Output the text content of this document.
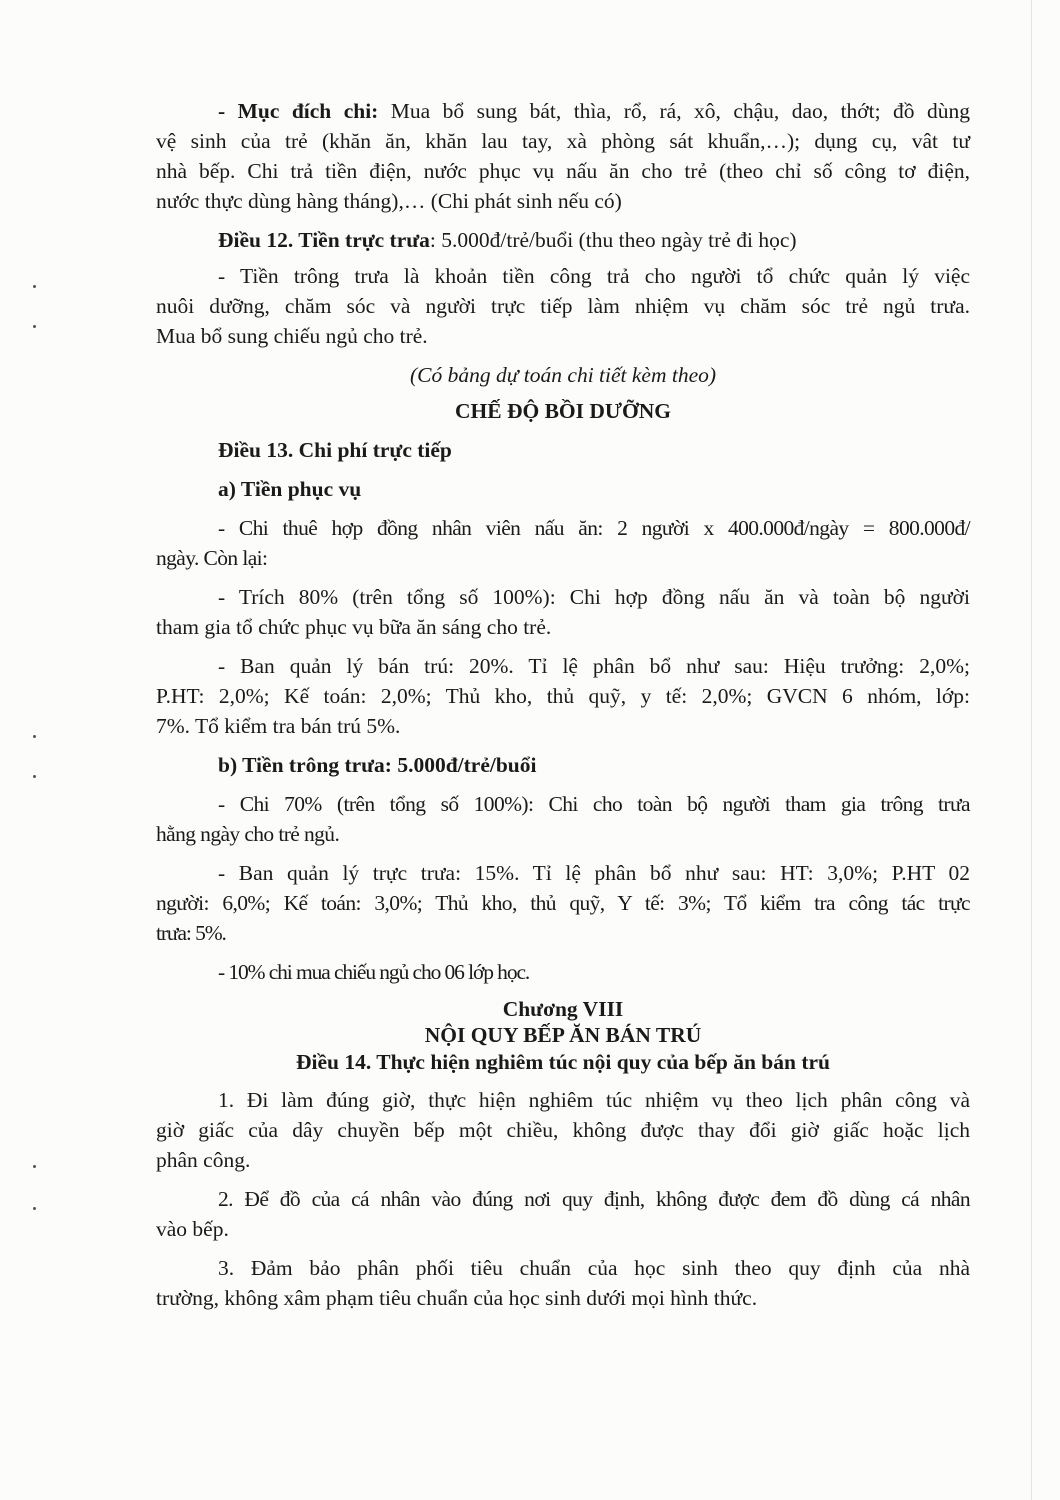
- Mục đích chi: Mua bổ sung bát, thìa, rổ, rá, xô, chậu, dao, thớt; đồ dùng

vệ sinh của trẻ (khăn ăn, khăn lau tay, xà phòng sát khuẩn,…); dụng cụ, vât tư

nhà bếp. Chi trả tiền điện, nước phục vụ nấu ăn cho trẻ (theo chỉ số công tơ điện,

nước thực dùng hàng tháng),… (Chi phát sinh nếu có)

Điều 12. Tiền trực trưa: 5.000đ/trẻ/buổi (thu theo ngày trẻ đi học)

- Tiền trông trưa là khoản tiền công trả cho người tổ chức quản lý việc

nuôi dưỡng, chăm sóc và người trực tiếp làm nhiệm vụ chăm sóc trẻ ngủ trưa.

Mua bổ sung chiếu ngủ cho trẻ.

(Có bảng dự toán chi tiết kèm theo)

CHẾ ĐỘ BỒI DƯỠNG

Điều 13. Chi phí trực tiếp

a) Tiền phục vụ

- Chi thuê hợp đồng nhân viên nấu ăn: 2 người x 400.000đ/ngày = 800.000đ/

ngày. Còn lại:

- Trích 80% (trên tổng số 100%): Chi hợp đồng nấu ăn và toàn bộ người

tham gia tổ chức phục vụ bữa ăn sáng cho trẻ.

- Ban quản lý bán trú: 20%. Tỉ lệ phân bổ như sau: Hiệu trưởng: 2,0%;

P.HT: 2,0%; Kế toán: 2,0%; Thủ kho, thủ quỹ, y tế: 2,0%; GVCN 6 nhóm, lớp:

7%. Tổ kiểm tra bán trú 5%.

b) Tiền trông trưa: 5.000đ/trẻ/buổi

- Chi 70% (trên tổng số 100%): Chi cho toàn bộ người tham gia trông trưa

hằng ngày cho trẻ ngủ.

- Ban quản lý trực trưa: 15%. Tỉ lệ phân bổ như sau: HT: 3,0%; P.HT 02

người: 6,0%; Kế toán: 3,0%; Thủ kho, thủ quỹ, Y tế: 3%; Tổ kiểm tra công tác trực

trưa: 5%.

- 10% chi mua chiếu ngủ cho 06 lớp học.

Chương VIII

NỘI QUY BẾP ĂN BÁN TRÚ

Điều 14. Thực hiện nghiêm túc nội quy của bếp ăn bán trú

1. Đi làm đúng giờ, thực hiện nghiêm túc nhiệm vụ theo lịch phân công và

giờ giấc của dây chuyền bếp một chiều, không được thay đổi giờ giấc hoặc lịch

phân công.

2. Để đồ của cá nhân vào đúng nơi quy định, không được đem đồ dùng cá nhân

vào bếp.

3. Đảm bảo phân phối tiêu chuẩn của học sinh theo quy định của nhà

trường, không xâm phạm tiêu chuẩn của học sinh dưới mọi hình thức.
